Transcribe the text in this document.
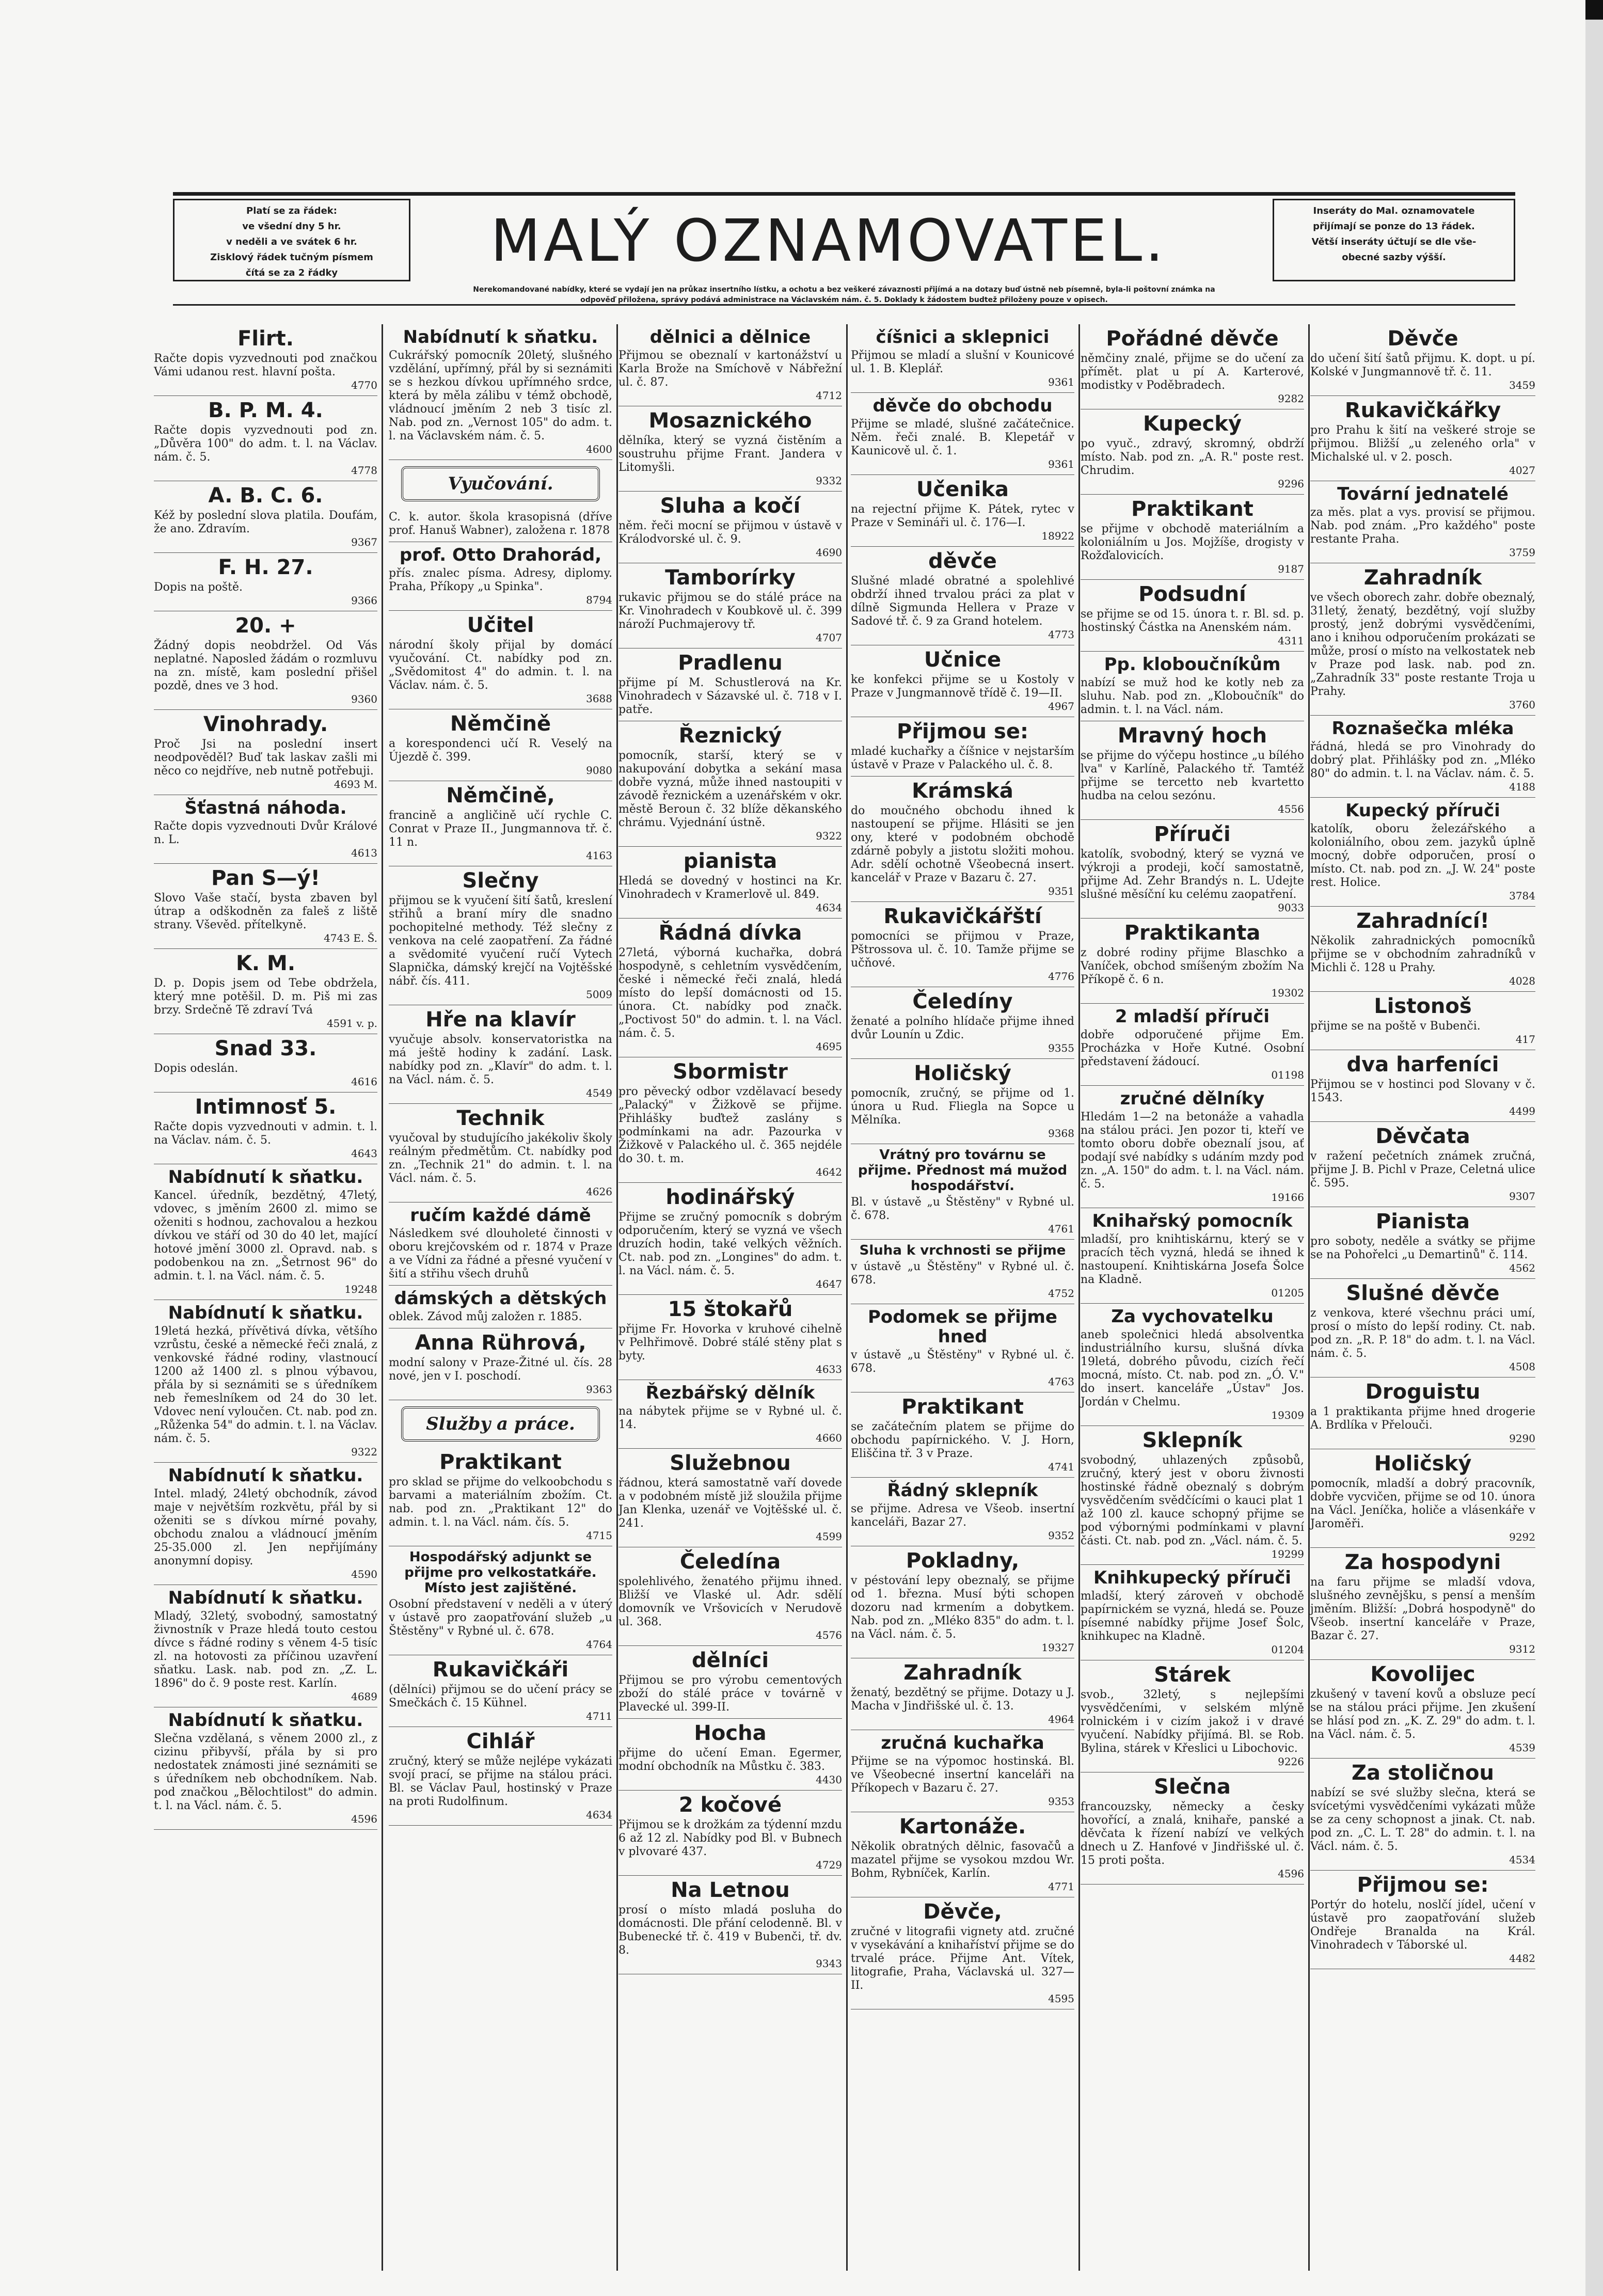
Platí se za řádek:
ve všední dny 5 hr.
v neděli a ve svátek 6 hr.
Zisklový řádek tučným písmem
čítá se za 2 řádky	MALÝ OZNAMOVATEL.	Inseráty do Mal. oznamovatele
přijímají se ponze do 13 řádek.
Větší inseráty účtují se dle vše-
obecné sazby výšší.
Nerekomandované nabídky, které se vydají jen na průkaz insertního lístku, a ochotu a bez veškeré závaznosti přijímá a na dotazy buď ústně neb písemně, byla-li poštovní známka na
odpověď přiložena, správy podává administrace na Václavském nám. č. 5. Doklady k žádostem budtež přiloženy pouze v opisech.
Flirt.

Račte dopis vyzvednouti pod značkou Vámi udanou rest. hlavní pošta.

4770
B. P. M. 4.

Račte dopis vyzvednouti pod zn. „Důvěra 100" do adm. t. l. na Václav. nám. č. 5.

4778
A. B. C. 6.

Kéž by poslední slova platila. Doufám, že ano. Zdravím.

9367
F. H. 27.

Dopis na poště.

9366
20. +

Žádný dopis neobdržel. Od Vás neplatné. Naposled žádám o rozmluvu na zn. místě, kam poslední přišel pozdě, dnes ve 3 hod.

9360
Vinohrady.

Proč Jsi na poslední insert neodpověděl? Buď tak laskav zašli mi něco co nejdříve, neb nutně potřebuji.

4693 M.
Šťastná náhoda.

Račte dopis vyzvednouti Dvůr Králové n. L.

4613
Pan S—ý!

Slovo Vaše stačí, bysta zbaven byl útrap a odškodněn za faleš z liště strany. Vševěd. přítelkyně.

4743 E. Š.
K. M.

D. p. Dopis jsem od Tebe obdržela, který mne potěšil. D. m. Piš mi zas brzy. Srdečně Tě zdraví Tvá

4591 v. p.
Snad 33.

Dopis odeslán.

4616
Intimnosť 5.

Račte dopis vyzvednouti v admin. t. l. na Václav. nám. č. 5.

4643
Nabídnutí k sňatku.

Kancel. úředník, bezdětný, 47letý, vdovec, s jměním 2600 zl. mimo se oženiti s hodnou, zachovalou a hezkou dívkou ve stáří od 30 do 40 let, mající hotové jmění 3000 zl. Opravd. nab. s podobenkou na zn. „Šetrnost 96" do admin. t. l. na Václ. nám. č. 5.

19248
Nabídnutí k sňatku.

19letá hezká, přívětivá dívka, většího vzrůstu, české a německé řeči znalá, z venkovské řádné rodiny, vlastnoucí 1200 až 1400 zl. s plnou výbavou, přála by si seznámiti se s úředníkem neb řemeslníkem od 24 do 30 let. Vdovec není vyloučen. Ct. nab. pod zn. „Růženka 54" do admin. t. l. na Václav. nám. č. 5.

9322
Nabídnutí k sňatku.

Intel. mladý, 24letý obchodník, závod maje v největším rozkvětu, přál by si oženiti se s dívkou mírné povahy, obchodu znalou a vládnoucí jměním 25-35.000 zl. Jen nepřijímány anonymní dopisy.

4590
Nabídnutí k sňatku.

Mladý, 32letý, svobodný, samostatný živnostník v Praze hledá touto cestou dívce s řádné rodiny s věnem 4-5 tisíc zl. na hotovosti za příčinou uzavření sňatku. Lask. nab. pod zn. „Z. L. 1896" do č. 9 poste rest. Karlín.

4689
Nabídnutí k sňatku.

Slečna vzdělaná, s věnem 2000 zl., z cizinu přibyvší, přála by si pro nedostatek známosti jiné seznámiti se s úředníkem neb obchodníkem. Nab. pod značkou „Bělochtilost" do admin. t. l. na Václ. nám. č. 5.

4596
Nabídnutí k sňatku.

Cukrářský pomocník 20letý, slušného vzdělání, upřímný, přál by si seznámiti se s hezkou dívkou upřímného srdce, která by měla zálibu v témž obchodě, vládnoucí jměním 2 neb 3 tisíc zl. Nab. pod zn. „Vernost 105" do adm. t. l. na Václavském nám. č. 5.

4600
Vyučování.

C. k. autor. škola krasopisná (dříve prof. Hanuš Wabner), založena r. 1878

prof. Otto Drahorád,

přís. znalec písma. Adresy, diplomy. Praha, Příkopy „u Spinka".

8794
Učitel

národní školy přijal by domácí vyučování. Ct. nabídky pod zn. „Svědomitost 4" do admin. t. l. na Václav. nám. č. 5.

3688
Němčině

a korespondenci učí R. Veselý na Újezdě č. 399.

9080
Němčině,

francině a angličině učí rychle C. Conrat v Praze II., Jungmannova tř. č. 11 n.

4163
Slečny

přijmou se k vyučení šití šatů, kreslení střihů a braní míry dle snadno pochopitelné methody. Též slečny z venkova na celé zaopatření. Za řádné a svědomité vyučení ručí Vytech Slapnička, dámský krejčí na Vojtěšské nábř. čís. 411.

5009
Hře na klavír

vyučuje absolv. konservatoristka na má ještě hodiny k zadání. Lask. nabídky pod zn. „Klavír" do adm. t. l. na Václ. nám. č. 5.

4549
Technik

vyučoval by studujícího jakékoliv školy reálným předmětům. Ct. nabídky pod zn. „Technik 21" do admin. t. l. na Václ. nám. č. 5.

4626
ručím každé dámě

Následkem své dlouholeté činnosti v oboru krejčovském od r. 1874 v Praze a ve Vídni za řádné a přesné vyučení v šití a střihu všech druhů

dámských a dětských

oblek. Závod můj založen r. 1885.

Anna Rührová,

modní salony v Praze-Žitné ul. čís. 28 nové, jen v I. poschodí.

9363
Služby a práce.
Praktikant

pro sklad se přijme do velkoobchodu s barvami a materiálním zbožím. Ct. nab. pod zn. „Praktikant 12" do admin. t. l. na Václ. nám. čís. 5.

4715
Hospodářský adjunkt se přijme pro velkostatkáře. Místo jest zajištěné.

Osobní představení v neděli a v úterý v ústavě pro zaopatřování služeb „u Štěstěny" v Rybné ul. č. 678.

4764
Rukavičkáři

(dělníci) přijmou se do učení prácy se Smečkách č. 15 Kühnel.

4711
Cihlář

zručný, který se může nejlépe vykázati svojí prací, se přijme na stálou práci. Bl. se Václav Paul, hostinský v Praze na proti Rudolfinum.

4634
dělnici a dělnice

Přijmou se obeznalí v kartonážství u Karla Brože na Smíchově v Nábřežní ul. č. 87.

4712
Mosaznického

dělníka, který se vyzná čistěním a soustruhu přijme Frant. Jandera v Litomyšli.

9332
Sluha a kočí

něm. řeči mocní se přijmou v ústavě v Králodvorské ul. č. 9.

4690
Tamborírky

rukavic přijmou se do stálé práce na Kr. Vinohradech v Koubkově ul. č. 399 nároží Puchmajerovy tř.

4707
Pradlenu

přijme pí M. Schustlerová na Kr. Vinohradech v Sázavské ul. č. 718 v I. patře.

Řeznický

pomocník, starší, který se v nakupování dobytka a sekání masa dobře vyzná, může ihned nastoupiti v závodě řeznickém a uzenářském v okr. městě Beroun č. 32 blíže děkanského chrámu. Vyjednání ústně.

9322
pianista

Hledá se dovedný v hostinci na Kr. Vinohradech v Kramerlově ul. 849.

4634
Řádná dívka

27letá, výborná kuchařka, dobrá hospodyně, s cehletním vysvědčením, české i německé řeči znalá, hledá místo do lepší domácnosti od 15. února. Ct. nabídky pod značk. „Poctivost 50" do admin. t. l. na Václ. nám. č. 5.

4695
Sbormistr

pro pěvecký odbor vzdělavací besedy „Palacký" v Žižkově se přijme. Přihlášky buďtež zaslány s podmínkami na adr. Pazourka v Žižkově v Palackého ul. č. 365 nejdéle do 30. t. m.

4642
hodinářský

Přijme se zručný pomocník s dobrým odporučením, který se vyzná ve všech druzích hodin, také velkých věžních. Ct. nab. pod zn. „Longines" do adm. t. l. na Václ. nám. č. 5.

4647
15 štokařů

přijme Fr. Hovorka v kruhové cihelně v Pelhřimově. Dobré stálé stěny plat s byty.

4633
Řezbářský dělník

na nábytek přijme se v Rybné ul. č. 14.

4660
Služebnou

řádnou, která samostatně vaří dovede a v podobném místě již sloužila přijme Jan Klenka, uzenář ve Vojtěšské ul. č. 241.

4599
Čeledína

spolehlivého, ženatého přijmu ihned. Bližší ve Vlaské ul. Adr. sdělí domovník ve Vršovicích v Nerudově ul. 368.

4576
dělníci

Přijmou se pro výrobu cementových zboží do stálé práce v továrně v Plavecké ul. 399-II.

Hocha

přijme do učení Eman. Egermer, modní obchodník na Můstku č. 383.

4430
2 kočové

Přijmou se k drožkám za týdenní mzdu 6 až 12 zl. Nabídky pod Bl. v Bubnech v plvovaré 437.

4729
Na Letnou

prosí o místo mladá posluha do domácnosti. Dle přání celodenně. Bl. v Bubenecké tř. č. 419 v Bubenči, tř. dv. 8.

9343
číšnici a sklepnici

Přijmou se mladí a slušní v Kounicové ul. 1. B. Kleplář.

9361
děvče do obchodu

Přijme se mladé, slušné začátečnice. Něm. řeči znalé. B. Klepetář v Kaunicově ul. č. 1.

9361
Učenika

na rejectní přijme K. Pátek, rytec v Praze v Semináři ul. č. 176—I.

18922
děvče

Slušné mladé obratné a spolehlivé obdrží ihned trvalou práci za plat v dílně Sigmunda Hellera v Praze v Sadové tř. č. 9 za Grand hotelem.

4773
Učnice

ke konfekci přijme se u Kostoly v Praze v Jungmannově třídě č. 19—II.

4967
Přijmou se:

mladé kuchařky a číšnice v nejstarším ústavě v Praze v Palackého ul. č. 8.

Krámská

do moučného obchodu ihned k nastoupení se přijme. Hlásiti se jen ony, které v podobném obchodě zdárně pobyly a jistotu složiti mohou. Adr. sdělí ochotně Všeobecná insert. kancelář v Praze v Bazaru č. 27.

9351
Rukavičkářští

pomocníci se přijmou v Praze, Pštrossova ul. č. 10. Tamže přijme se učňové.

4776
Čeledíny

ženaté a polního hlídače přijme ihned dvůr Lounín u Zdic.

9355
Holičský

pomocník, zručný, se přijme od 1. února u Rud. Fliegla na Sopce u Mělníka.

9368
Vrátný pro továrnu se přijme. Přednost má mužod hospodářství.

Bl. v ústavě „u Štěstěny" v Rybné ul. č. 678.

4761
Sluha k vrchnosti se přijme

v ústavě „u Štěstěny" v Rybné ul. č. 678.

4752
Podomek se přijme hned

v ústavě „u Štěstěny" v Rybné ul. č. 678.

4763
Praktikant

se začátečním platem se přijme do obchodu papírnického. V. J. Horn, Eliščina tř. 3 v Praze.

4741
Řádný sklepník

se přijme. Adresa ve Všeob. insertní kanceláři, Bazar 27.

9352
Pokladny,

v péstování lepy obeznalý, se přijme od 1. března. Musí býti schopen dozoru nad krmením a dobytkem. Nab. pod zn. „Mléko 835" do adm. t. l. na Václ. nám. č. 5.

19327
Zahradník

ženatý, bezdětný se přijme. Dotazy u J. Macha v Jindřišské ul. č. 13.

4964
zručná kuchařka

Přijme se na výpomoc hostinská. Bl. ve Všeobecné insertní kanceláři na Příkopech v Bazaru č. 27.

9353
Kartonáže.

Několik obratných dělnic, fasovačů a mazatel přijme se vysokou mzdou Wr. Bohm, Rybníček, Karlín.

4771
Děvče,

zručné v litografii vignety atd. zručné v vysekávání a knihaříství přijme se do trvalé práce. Přijme Ant. Vítek, litografie, Praha, Václavská ul. 327—II.

4595
Pořádné děvče

němčiny znalé, přijme se do učení za přímět. plat u pí A. Karterové, modistky v Poděbradech.

9282
Kupecký

po vyuč., zdravý, skromný, obdrží místo. Nab. pod zn. „A. R." poste rest. Chrudim.

9296
Praktikant

se přijme v obchodě materiálním a koloniálním u Jos. Mojžíše, drogisty v Rožďalovicích.

9187
Podsudní

se přijme se od 15. února t. r. Bl. sd. p. hostinský Částka na Anenském nám.

4311
Pp. kloboučníkům

nabízí se muž hod ke kotly neb za sluhu. Nab. pod zn. „Kloboučník" do admin. t. l. na Václ. nám.

Mravný hoch

se přijme do výčepu hostince „u bílého lva" v Karlíně, Palackého tř. Tamtéž přijme se tercetto neb kvartetto hudba na celou sezónu.

4556
Příruči

katolík, svobodný, který se vyzná ve výkroji a prodeji, kočí samostatně, přijme Ad. Zehr Brandýs n. L. Udejte slušné měsíční ku celému zaopatření.

9033
Praktikanta

z dobré rodiny přijme Blaschko a Vaníček, obchod smíšeným zbožím Na Příkopě č. 6 n.

19302
2 mladší příruči

dobře odporučené přijme Em. Procházka v Hoře Kutné. Osobní představení žádoucí.

01198
zručné dělníky

Hledám 1—2 na betonáže a vahadla na stálou práci. Jen pozor ti, kteří ve tomto oboru dobře obeznalí jsou, ať podají své nabídky s udáním mzdy pod zn. „A. 150" do adm. t. l. na Václ. nám. č. 5.

19166
Knihařský pomocník

mladší, pro knihtiskárnu, který se v pracích těch vyzná, hledá se ihned k nastoupení. Knihtiskárna Josefa Šolce na Kladně.

01205
Za vychovatelku

aneb společnici hledá absolventka industriálního kursu, slušná dívka 19letá, dobrého původu, cizích řečí mocná, místo. Ct. nab. pod zn. „Ó. V." do insert. kanceláře „Ústav" Jos. Jordán v Chelmu.

19309
Sklepník

svobodný, uhlazených způsobů, zručný, který jest v oboru živnosti hostinské řádně obeznalý s dobrým vysvědčením svědčícími o kauci plat 1 až 100 zl. kauce schopný přijme se pod výbornými podmínkami v plavní části. Ct. nab. pod zn. „Václ. nám. č. 5.

19299
Knihkupecký příruči

mladší, který zároveň v obchodě papírnickém se vyzná, hledá se. Pouze písemné nabídky přijme Josef Šolc, knihkupec na Kladně.

01204
Stárek

svob., 32letý, s nejlepšími vysvědčeními, v selském mlýně rolnickém i v cizím jakož i v dravé vyučení. Nabídky přijímá. Bl. se Rob. Bylina, stárek v Křeslici u Libochovic.

9226
Slečna

francouzsky, německy a česky hovořící, a znalá, knihaře, panské a děvčata k řízení nabízí ve velkých dnech u Z. Hanfové v Jindřišské ul. č. 15 proti pošta.

4596
Děvče

do učení šití šatů přijmu. K. dopt. u pí. Kolské v Jungmannově tř. č. 11.

3459
Rukavičkářky

pro Prahu k šití na veškeré stroje se přijmou. Bližší „u zeleného orla" v Michalské ul. v 2. posch.

4027
Tovární jednatelé

za měs. plat a vys. provisí se přijmou. Nab. pod znám. „Pro každého" poste restante Praha.

3759
Zahradník

ve všech oborech zahr. dobře obeznalý, 31letý, ženatý, bezdětný, vojí služby prostý, jenž dobrými vysvědčeními, ano i knihou odporučením prokázati se může, prosí o místo na velkostatek neb v Praze pod lask. nab. pod zn. „Zahradník 33" poste restante Troja u Prahy.

3760
Roznašečka mléka

řádná, hledá se pro Vinohrady do dobrý plat. Přihlášky pod zn. „Mléko 80" do admin. t. l. na Václav. nám. č. 5.

4188
Kupecký příruči

katolík, oboru železářského a koloniálního, obou zem. jazyků úplně mocný, dobře odporučen, prosí o místo. Ct. nab. pod zn. „J. W. 24" poste rest. Holice.

3784
Zahradnící!

Několik zahradnických pomocníků přijme se v obchodním zahradníků v Michli č. 128 u Prahy.

4028
Listonoš

přijme se na poště v Bubenči.

417
dva harfeníci

Přijmou se v hostinci pod Slovany v č. 1543.

4499
Děvčata

v ražení pečetních známek zručná, přijme J. B. Pichl v Praze, Celetná ulice č. 595.

9307
Pianista

pro soboty, neděle a svátky se přijme se na Pohořelci „u Demartinů" č. 114.

4562
Slušné děvče

z venkova, které všechnu práci umí, prosí o místo do lepší rodiny. Ct. nab. pod zn. „R. P. 18" do adm. t. l. na Václ. nám. č. 5.

4508
Droguistu

a 1 praktikanta přijme hned drogerie A. Brdlíka v Přelouči.

9290
Holičský

pomocník, mladší a dobrý pracovník, dobře vycvičen, přijme se od 10. února na Václ. Jeníčka, holiče a vlásenkáře v Jaroměři.

9292
Za hospodyni

na faru přijme se mladší vdova, slušného zevnějšku, s pensí a menším jměním. Bližší: „Dobrá hospodyně" do Všeob. insertní kanceláře v Praze, Bazar č. 27.

9312
Kovolijec

zkušený v tavení kovů a obsluze pecí se na stálou práci přijme. Jen zkušení se hlásí pod zn. „K. Z. 29" do adm. t. l. na Václ. nám. č. 5.

4539
Za stoličnou

nabízí se své služby slečna, která se svícetými vysvědčeními vykázati může se za ceny schopnost a jinak. Ct. nab. pod zn. „C. L. T. 28" do admin. t. l. na Václ. nám. č. 5.

4534
Přijmou se:

Portýr do hotelu, noslčí jídel, učení v ústavě pro zaopatřování služeb Ondřeje Branalda na Král. Vinohradech v Táborské ul.

4482
